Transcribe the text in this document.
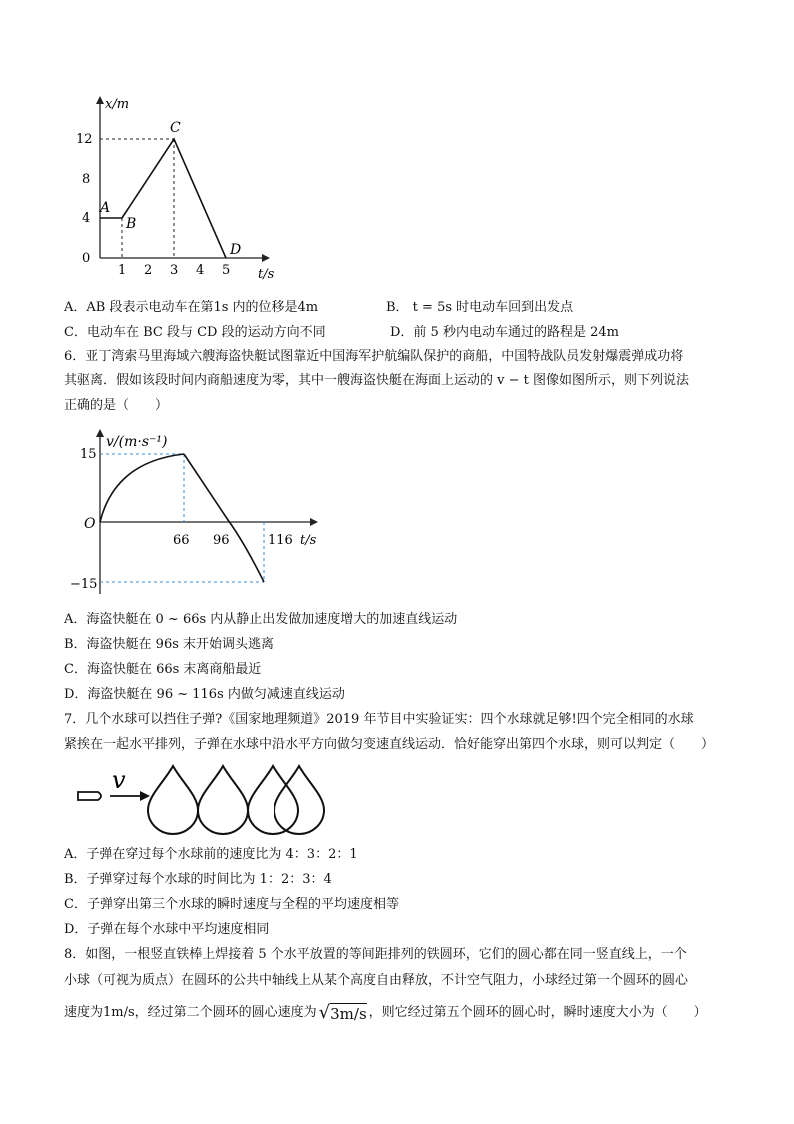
x/m
t/s
12
8
4
0
1 2 3 4 5
A
B
C
D
A．AB 段表示电动车在第1s 内的位移是4m	B． t = 5s 时电动车回到出发点
C．电动车在 BC 段与 CD 段的运动方向不同	D．前 5 秒内电动车通过的路程是 24m
6．亚丁湾索马里海域六艘海盗快艇试图靠近中国海军护航编队保护的商船，中国特战队员发射爆震弹成功将
其驱离．假如该段时间内商船速度为零，其中一艘海盗快艇在海面上运动的 v − t 图像如图所示，则下列说法
正确的是（　　）
v/(m·s⁻¹)
t/s
15
−15
O
66 96	116
A．海盗快艇在 0 ~ 66s 内从静止出发做加速度增大的加速直线运动
B．海盗快艇在 96s 末开始调头逃离
C．海盗快艇在 66s 末离商船最近
D．海盗快艇在 96 ~ 116s 内做匀减速直线运动
7．几个水球可以挡住子弹?《国家地理频道》2019 年节目中实验证实：四个水球就足够!四个完全相同的水球
紧挨在一起水平排列，子弹在水球中沿水平方向做匀变速直线运动．恰好能穿出第四个水球，则可以判定（　　）
v
A．子弹在穿过每个水球前的速度比为 4：3：2：1
B．子弹穿过每个水球的时间比为 1：2：3：4
C．子弹穿出第三个水球的瞬时速度与全程的平均速度相等
D．子弹在每个水球中平均速度相同
8．如图，一根竖直铁棒上焊接着 5 个水平放置的等间距排列的铁圆环，它们的圆心都在同一竖直线上，一个
小球（可视为质点）在圆环的公共中轴线上从某个高度自由释放，不计空气阻力，小球经过第一个圆环的圆心
速度为1m/s，经过第二个圆环的圆心速度为 √ 3m/s ，则它经过第五个圆环的圆心时，瞬时速度大小为（　　）
